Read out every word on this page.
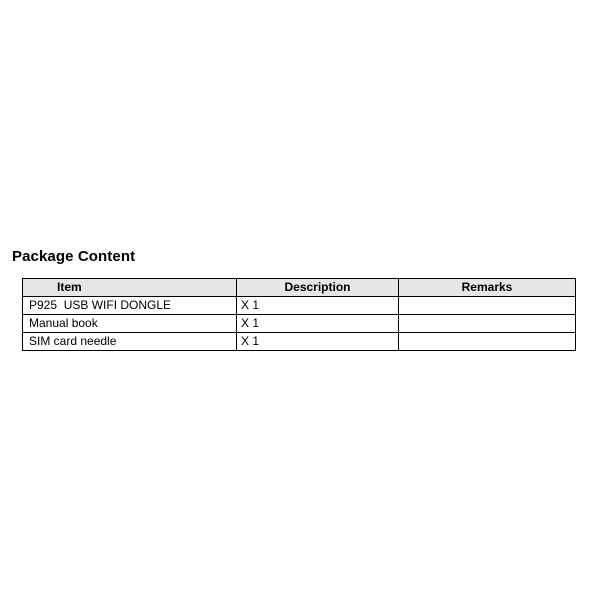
Package Content
Item	Description	Remarks
P925  USB WIFI DONGLE	X 1	
Manual book	X 1	
SIM card needle	X 1	
